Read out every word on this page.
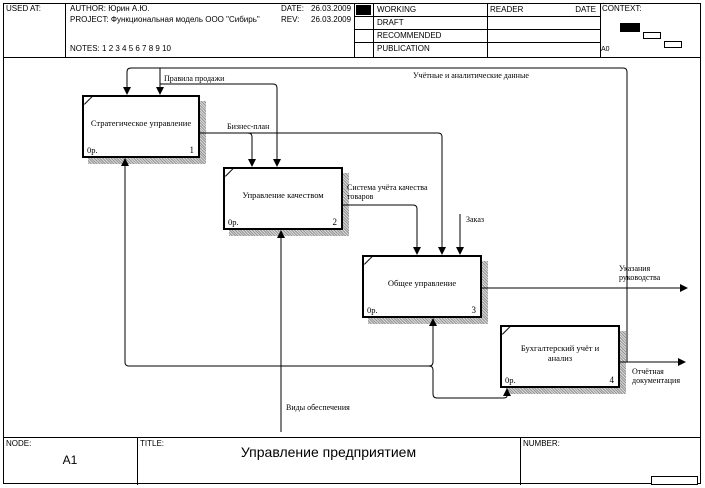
USED AT:	AUTHOR: Юрин А.Ю.
PROJECT: Функциональная модель ООО "Сибирь"
NOTES: 1 2 3 4 5 6 7 8 9 10
DATE: 26.03.2009
REV: 26.03.2009
WORKING
DRAFT
RECOMMENDED
PUBLICATION
READER	DATE CONTEXT:
A0
Стратегическое управление
0р.	1
Управление качеством
0р.	2
Общее управление
0р.	3
Бухгалтерский учёт и анализ
0р.	4
Учётные и аналитические данные
Правила продажи
Бизнес-план
Система учёта качества товаров
Заказ
Указания руководства
Отчётная документация
Виды обеспечения
NODE:
A1
TITLE:
Управление предприятием
NUMBER:
